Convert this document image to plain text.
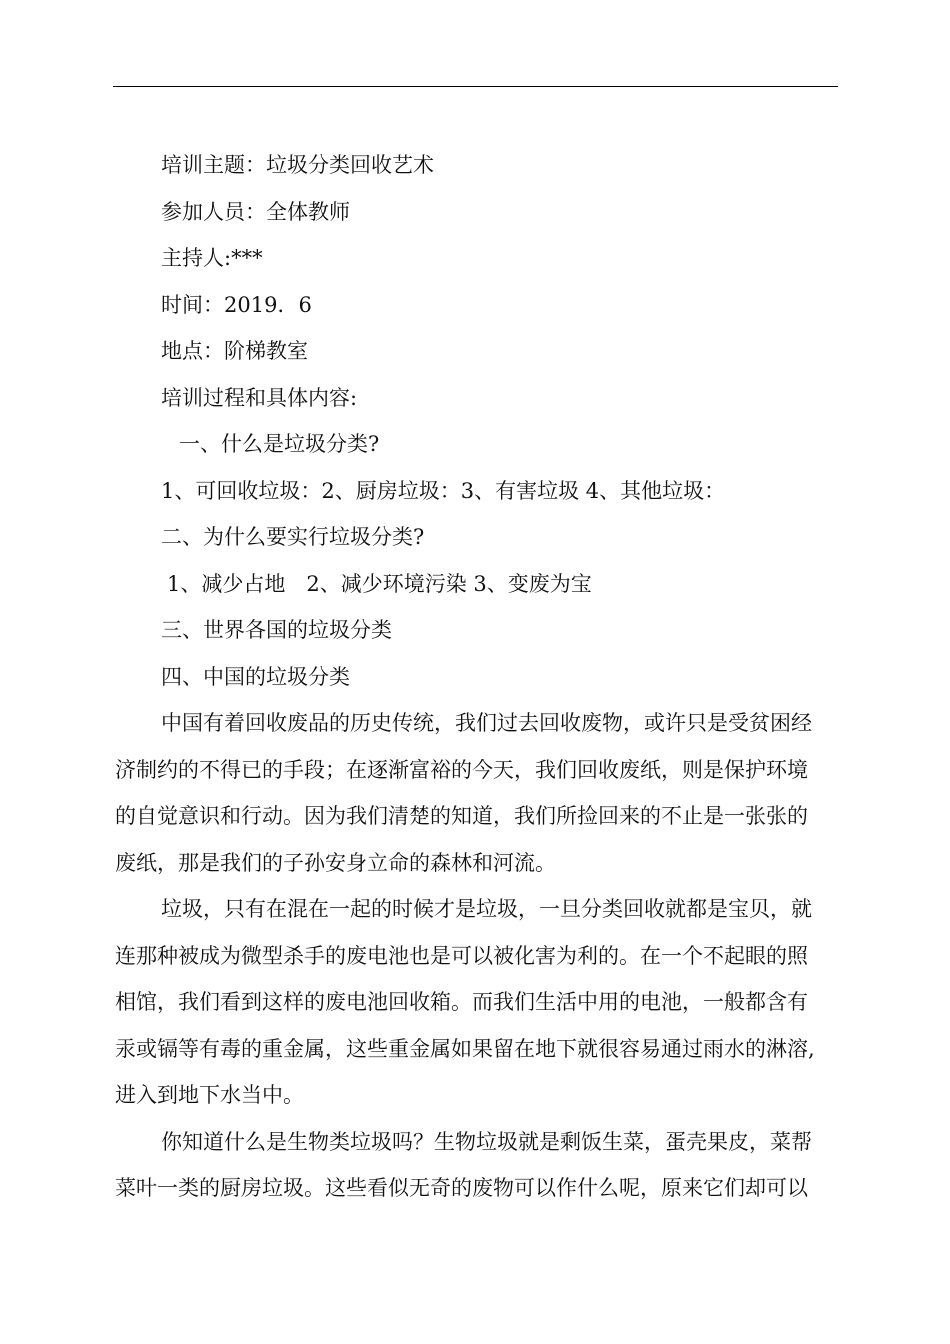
培训主题：垃圾分类回收艺术
参加人员：全体教师
主持人:***
时间：2019．6
地点：阶梯教室
培训过程和具体内容:
一、什么是垃圾分类?
1、可回收垃圾：2、厨房垃圾：3、有害垃圾 4、其他垃圾：
二、为什么要实行垃圾分类?
1、减少占地　2、减少环境污染 3、变废为宝
三、世界各国的垃圾分类
四、中国的垃圾分类
中国有着回收废品的历史传统，我们过去回收废物，或许只是受贫困经
济制约的不得已的手段；在逐渐富裕的今天，我们回收废纸，则是保护环境
的自觉意识和行动。因为我们清楚的知道，我们所捡回来的不止是一张张的
废纸，那是我们的子孙安身立命的森林和河流。
垃圾，只有在混在一起的时候才是垃圾，一旦分类回收就都是宝贝，就
连那种被成为微型杀手的废电池也是可以被化害为利的。在一个不起眼的照
相馆，我们看到这样的废电池回收箱。而我们生活中用的电池，一般都含有
汞或镉等有毒的重金属，这些重金属如果留在地下就很容易通过雨水的淋溶,
进入到地下水当中。
你知道什么是生物类垃圾吗？生物垃圾就是剩饭生菜，蛋壳果皮，菜帮
菜叶一类的厨房垃圾。这些看似无奇的废物可以作什么呢，原来它们却可以
